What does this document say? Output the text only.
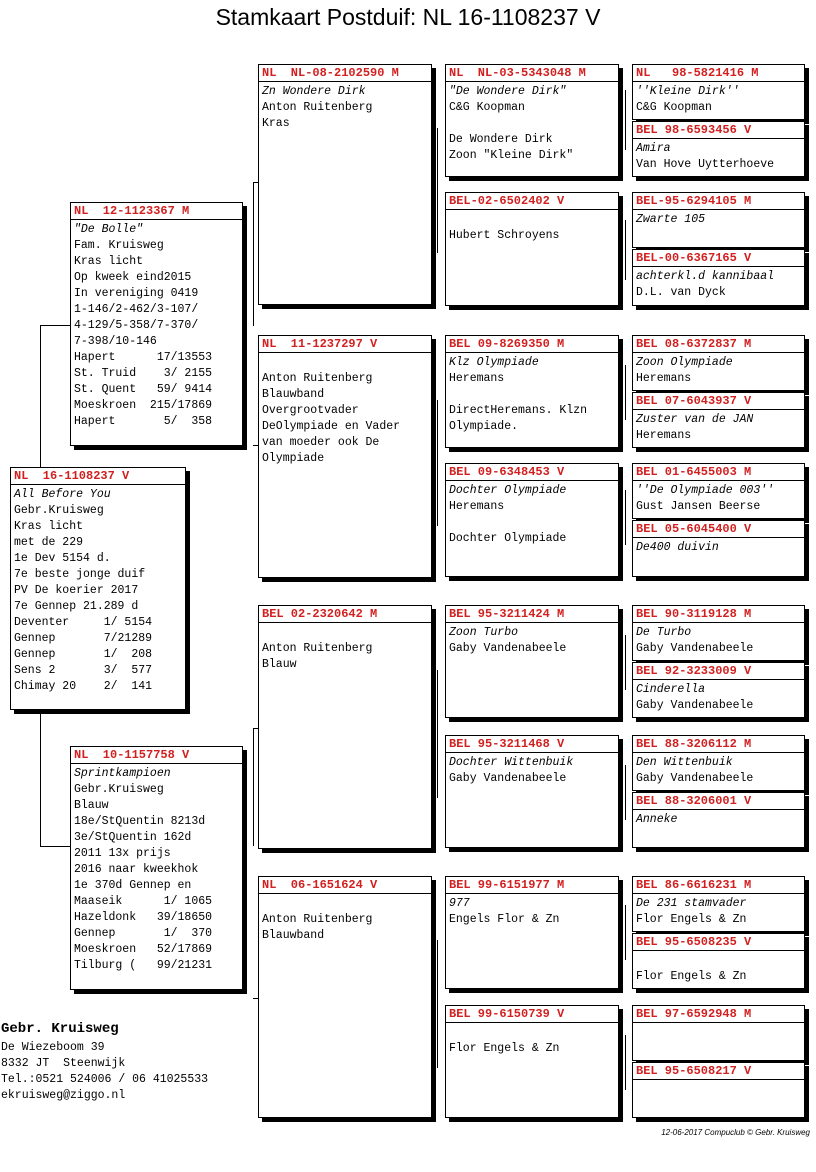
Stamkaart Postduif: NL 16-1108237 V
NL  16-1108237 V
All Before You
Gebr.Kruisweg
Kras licht
met de 229
1e Dev 5154 d.
7e beste jonge duif
PV De koerier 2017
7e Gennep 21.289 d
Deventer     1/ 5154
Gennep       7/21289
Gennep       1/  208
Sens 2       3/  577
Chimay 20    2/  141
NL  12-1123367 M
"De Bolle"
Fam. Kruisweg
Kras licht
Op kweek eind2015
In vereniging 0419
1-146/2-462/3-107/
4-129/5-358/7-370/
7-398/10-146
Hapert      17/13553
St. Truid    3/ 2155
St. Quent   59/ 9414
Moeskroen  215/17869
Hapert       5/  358
NL  10-1157758 V
Sprintkampioen
Gebr.Kruisweg
Blauw
18e/StQuentin 8213d
3e/StQuentin 162d
2011 13x prijs
2016 naar kweekhok
1e 370d Gennep en
Maaseik      1/ 1065
Hazeldonk   39/18650
Gennep       1/  370
Moeskroen   52/17869
Tilburg (   99/21231
NL  NL-08-2102590 M
Zn Wondere Dirk
Anton Ruitenberg
Kras
NL  11-1237297 V
Anton Ruitenberg
Blauwband
Overgrootvader
DeOlympiade en Vader
van moeder ook De
Olympiade
BEL 02-2320642 M
Anton Ruitenberg
Blauw
NL  06-1651624 V
Anton Ruitenberg
Blauwband
NL  NL-03-5343048 M
"De Wondere Dirk"
C&G Koopman
De Wondere Dirk
Zoon "Kleine Dirk"
BEL-02-6502402 V
Hubert Schroyens
BEL 09-8269350 M
Klz Olympiade
Heremans
DirectHeremans. Klzn
Olympiade.
BEL 09-6348453 V
Dochter Olympiade
Heremans
Dochter Olympiade
BEL 95-3211424 M
Zoon Turbo
Gaby Vandenabeele
BEL 95-3211468 V
Dochter Wittenbuik
Gaby Vandenabeele
BEL 99-6151977 M
977
Engels Flor & Zn
BEL 99-6150739 V
Flor Engels & Zn
NL   98-5821416 M
''Kleine Dirk''
C&G Koopman
BEL 98-6593456 V
Amira
Van Hove Uytterhoeve
BEL-95-6294105 M
Zwarte 105
BEL-00-6367165 V
achterkl.d kannibaal
D.L. van Dyck
BEL 08-6372837 M
Zoon Olympiade
Heremans
BEL 07-6043937 V
Zuster van de JAN
Heremans
BEL 01-6455003 M
''De Olympiade 003''
Gust Jansen Beerse
BEL 05-6045400 V
De400 duivin
BEL 90-3119128 M
De Turbo
Gaby Vandenabeele
BEL 92-3233009 V
Cinderella
Gaby Vandenabeele
BEL 88-3206112 M
Den Wittenbuik
Gaby Vandenabeele
BEL 88-3206001 V
Anneke
BEL 86-6616231 M
De 231 stamvader
Flor Engels & Zn
BEL 95-6508235 V
Flor Engels & Zn
BEL 97-6592948 M
BEL 95-6508217 V
Gebr. Kruisweg
De Wiezeboom 39
8332 JT  Steenwijk
Tel.:0521 524006 / 06 41025533
ekruisweg@ziggo.nl
12-06-2017 Compuclub © Gebr. Kruisweg
